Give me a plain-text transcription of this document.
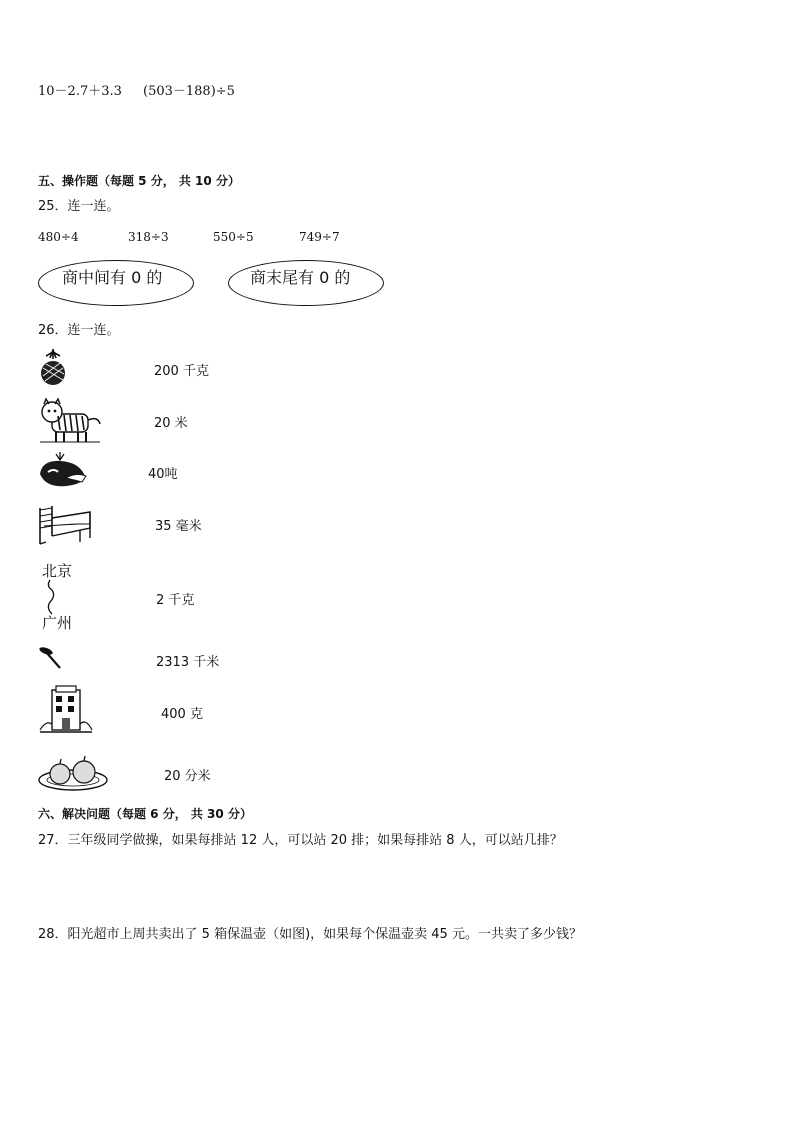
10－2.7＋3.3 (503－188)÷5
五、操作题（每题 5 分， 共 10 分）
25．连一连。
480÷4	318÷3	550÷5	749÷7
商中间有 0 的	商末尾有 0 的
26．连一连。
北京
广州
200 千克
20 米
40吨
35 毫米
2 千克
2313 千米
400 克
20 分米
六、解决问题（每题 6 分， 共 30 分）
27．三年级同学做操，如果每排站 12 人，可以站 20 排；如果每排站 8 人，可以站几排？
28．阳光超市上周共卖出了 5 箱保温壶（如图)，如果每个保温壶卖 45 元。一共卖了多少钱？
